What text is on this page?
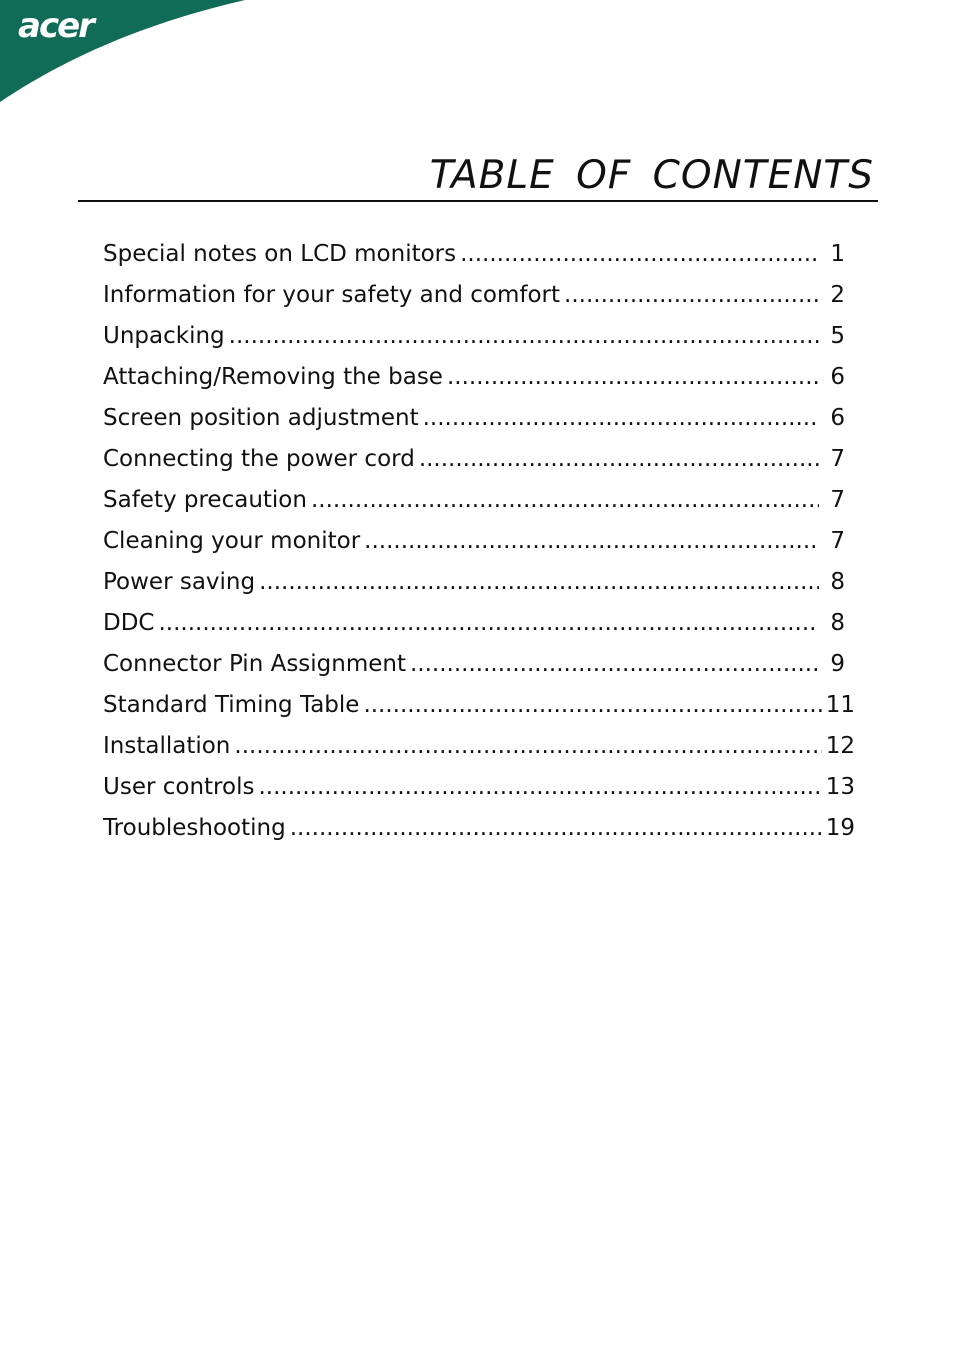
acer
TABLE OF CONTENTS
Special notes on LCD monitors .....	1
Information for your safety and comfort .....	2
Unpacking .....	5
Attaching/Removing the base .....	6
Screen position adjustment .....	6
Connecting the power cord .....	7
Safety precaution .....	7
Cleaning your monitor .....	7
Power saving .....	8
DDC .....	8
Connector Pin Assignment .....	9
Standard Timing Table .....	11
Installation .....	12
User controls .....	13
Troubleshooting .....	19
